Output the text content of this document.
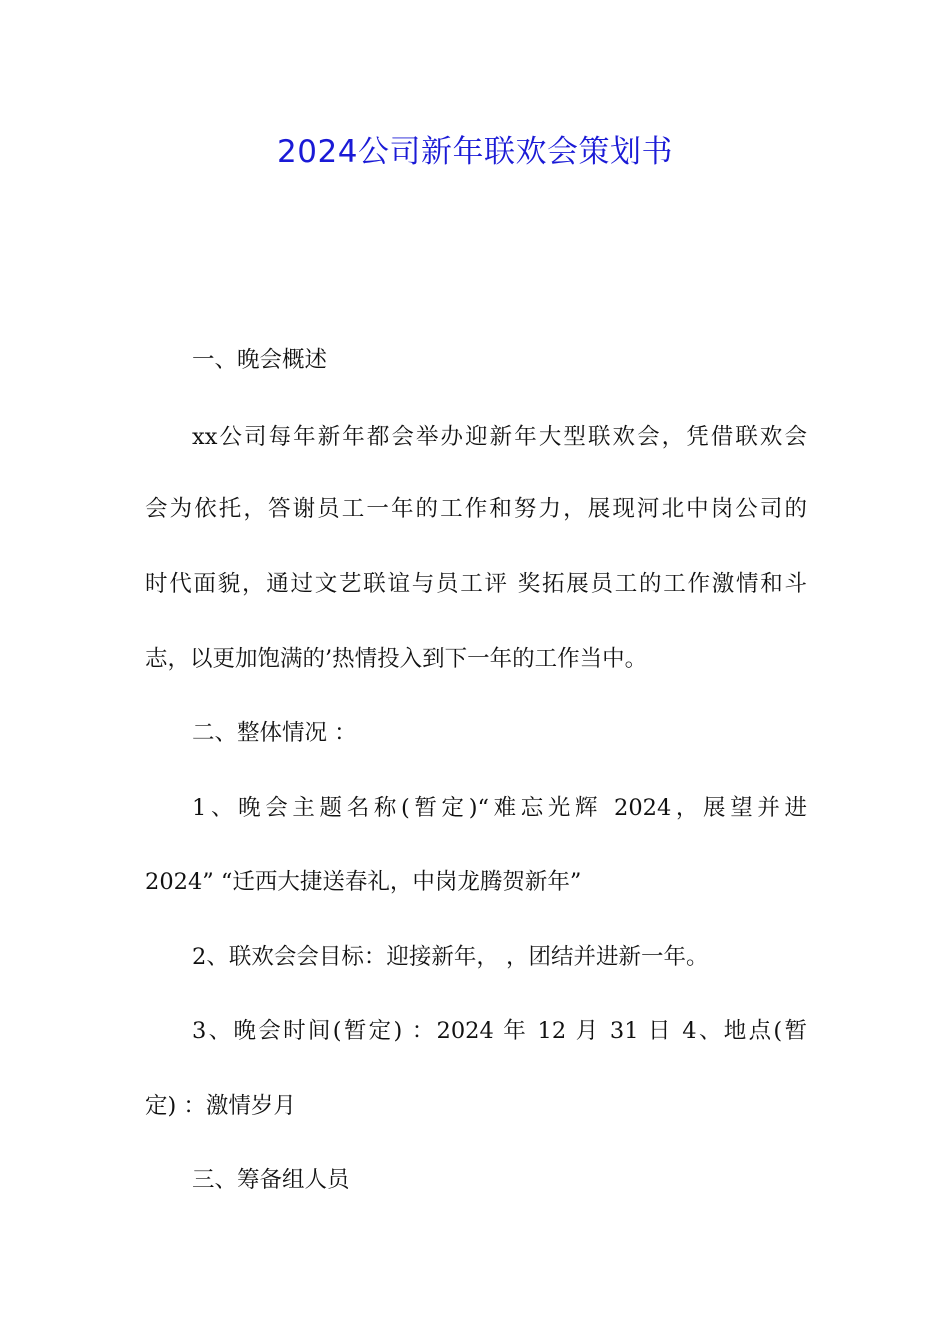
2024公司新年联欢会策划书
一、晚会概述
xx公司每年新年都会举办迎新年大型联欢会，凭借联欢会
会为依托，答谢员工一年的工作和努力，展现河北中岗公司的
时代面貌，通过文艺联谊与员工评 奖拓展员工的工作激情和斗
志，以更加饱满的’热情投入到下一年的工作当中。
二、整体情况 ：
1、晚会主题名称(暂定)“难忘光辉 2024，展望并进
2024” “迁西大捷送春礼，中岗龙腾贺新年”
2、联欢会会目标：迎接新年， ，团结并进新一年。
3、晚会时间(暂定) ：2024 年 12 月 31 日 4、地点(暂
定) ：激情岁月
三、筹备组人员
